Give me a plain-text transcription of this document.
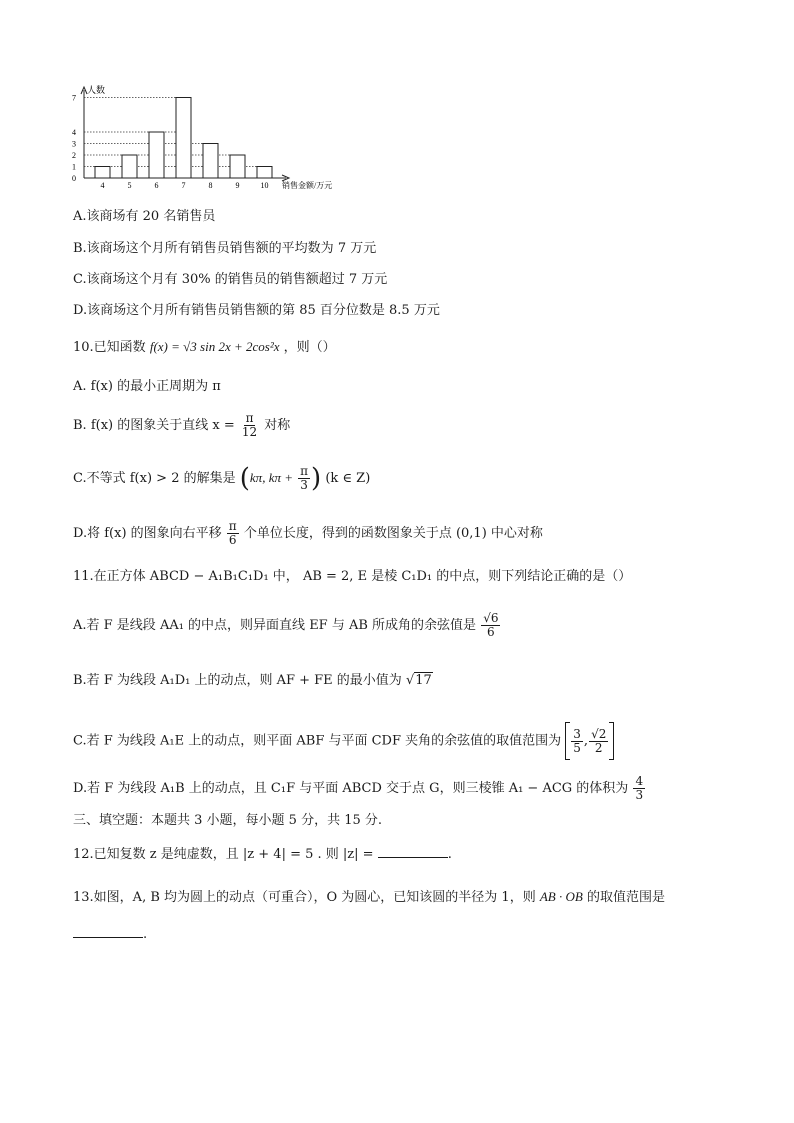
人数
销售金额/万元
0
1
2
3
4
7
4	5	6	7	8	9	10
A.该商场有 20 名销售员
B.该商场这个月所有销售员销售额的平均数为 7 万元
C.该商场这个月有 30% 的销售员的销售额超过 7 万元
D.该商场这个月所有销售员销售额的第 85 百分位数是 8.5 万元
10.已知函数 f(x) = √3 sin 2x + 2cos²x ，则（）
A. f(x) 的最小正周期为 π
B. f(x) 的图象关于直线 $x = \frac{\pi}{12}$ 对称
C.不等式 f(x) > 2 的解集是 (kπ, $k\pi + \frac{\pi}{3}$ ) (k ∈ Z)
D.将 f(x) 的图象向右平移 $\frac{\pi}{6}$ 个单位长度，得到的函数图象关于点 (0,1) 中心对称
11.在正方体 ABCD − A₁B₁C₁D₁ 中， AB = 2, E 是棱 C₁D₁ 的中点，则下列结论正确的是（）
A.若 F 是线段 AA₁ 的中点，则异面直线 EF 与 AB 所成角的余弦值是 $\frac{√6}{6}$
B.若 F 为线段 A₁D₁ 上的动点，则 AF + FE 的最小值为 √17
C.若 F 为线段 A₁E 上的动点，则平面 ABF 与平面 CDF 夹角的余弦值的取值范围为 $\frac{3}{5}$ , $\frac{√2}{2}$
D.若 F 为线段 A₁B 上的动点，且 C₁F 与平面 ABCD 交于点 G，则三棱锥 A₁ − ACG 的体积为 $\frac{4}{3}$
三、填空题：本题共 3 小题，每小题 5 分，共 15 分.
12.已知复数 z 是纯虚数，且 |z + 4| = 5 . 则 |z| =	.
13.如图，A, B 均为圆上的动点（可重合），O 为圆心，已知该圆的半径为 1，则 AB · OB 的取值范围是
.
